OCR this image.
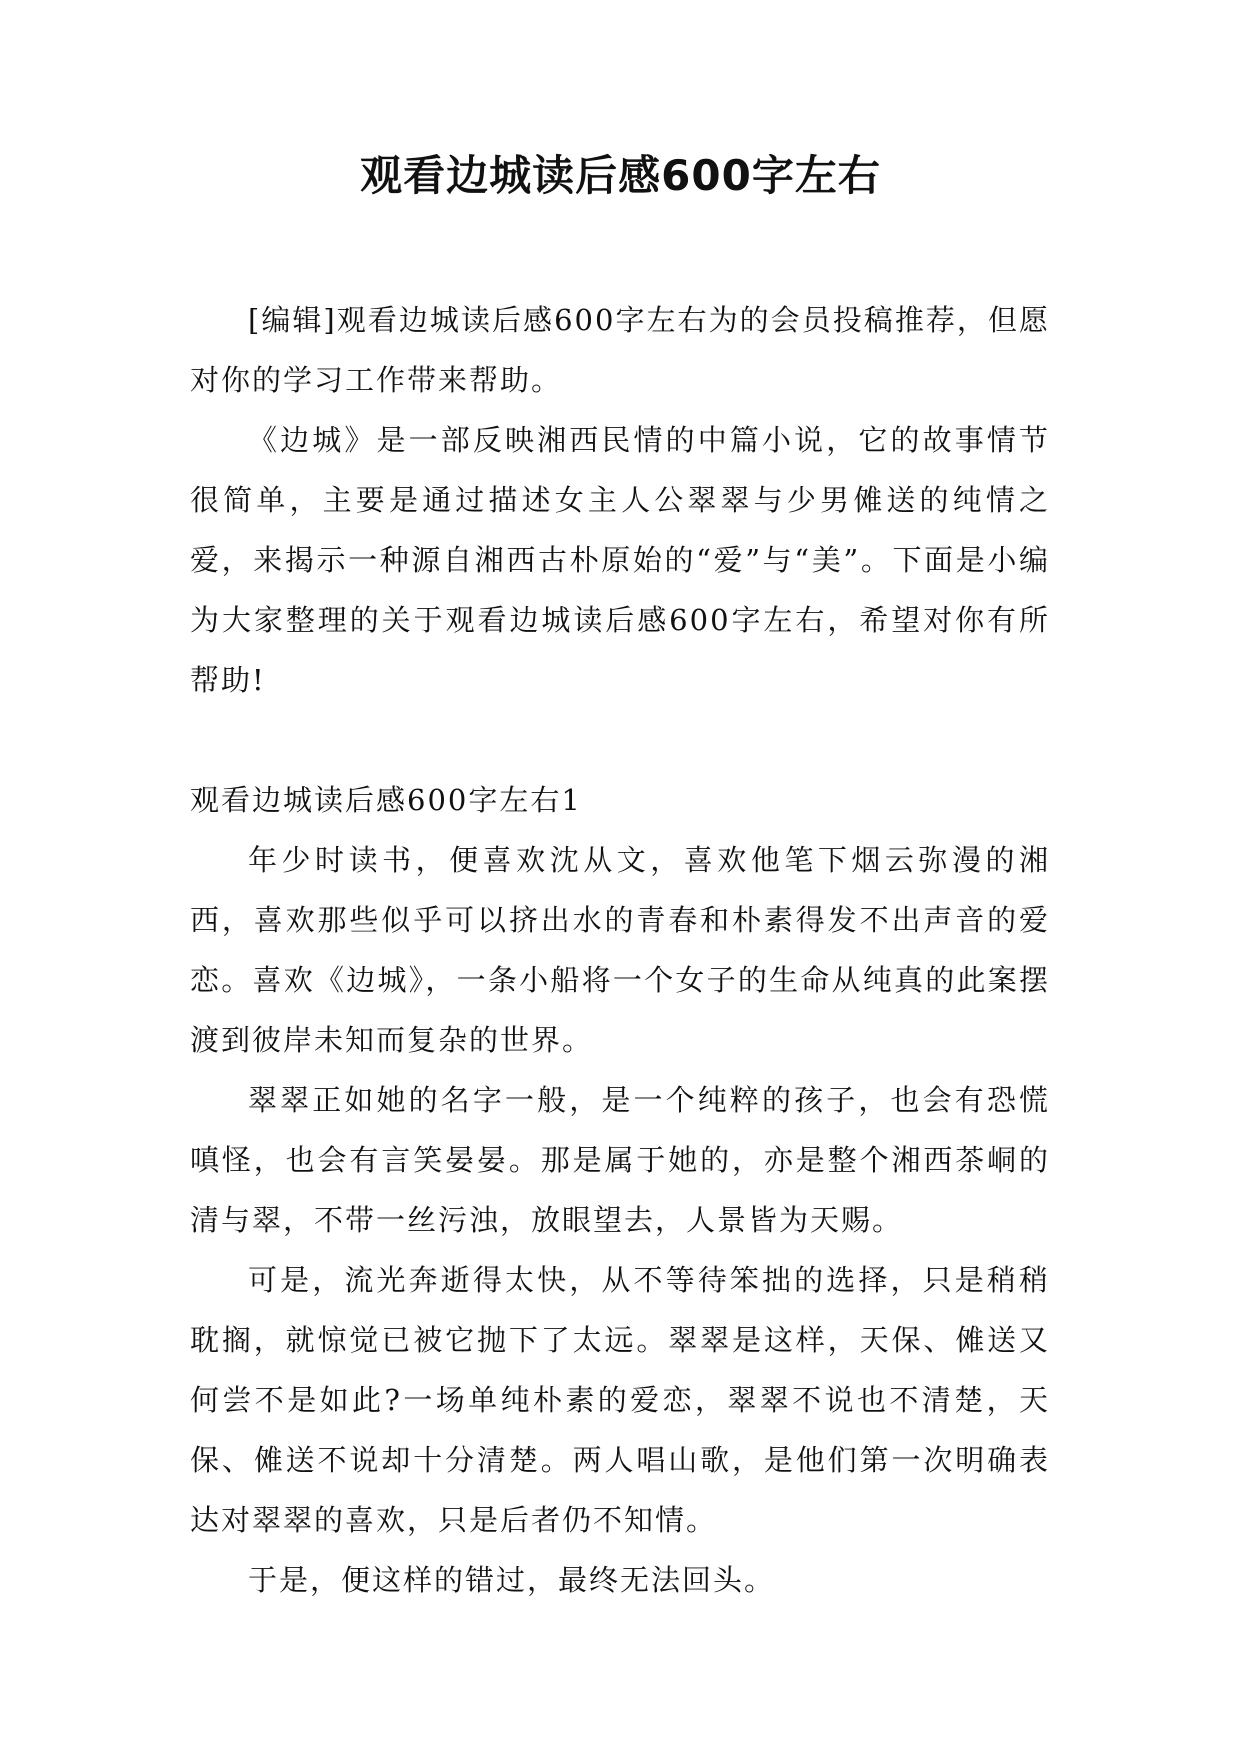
观看边城读后感600字左右

[编辑]观看边城读后感600字左右为的会员投稿推荐，但愿对你的学习工作带来帮助。

《边城》是一部反映湘西民情的中篇小说，它的故事情节很简单，主要是通过描述女主人公翠翠与少男傩送的纯情之爱，来揭示一种源自湘西古朴原始的“爱”与“美”。下面是小编为大家整理的关于观看边城读后感600字左右，希望对你有所帮助!

观看边城读后感600字左右1

年少时读书，便喜欢沈从文，喜欢他笔下烟云弥漫的湘西，喜欢那些似乎可以挤出水的青春和朴素得发不出声音的爱恋。喜欢《边城》，一条小船将一个女子的生命从纯真的此案摆渡到彼岸未知而复杂的世界。

翠翠正如她的名字一般，是一个纯粹的孩子，也会有恐慌嗔怪，也会有言笑晏晏。那是属于她的，亦是整个湘西茶峒的清与翠，不带一丝污浊，放眼望去，人景皆为天赐。

可是，流光奔逝得太快，从不等待笨拙的选择，只是稍稍耽搁，就惊觉已被它抛下了太远。翠翠是这样，天保、傩送又何尝不是如此?一场单纯朴素的爱恋，翠翠不说也不清楚，天保、傩送不说却十分清楚。两人唱山歌，是他们第一次明确表达对翠翠的喜欢，只是后者仍不知情。

于是，便这样的错过，最终无法回头。
